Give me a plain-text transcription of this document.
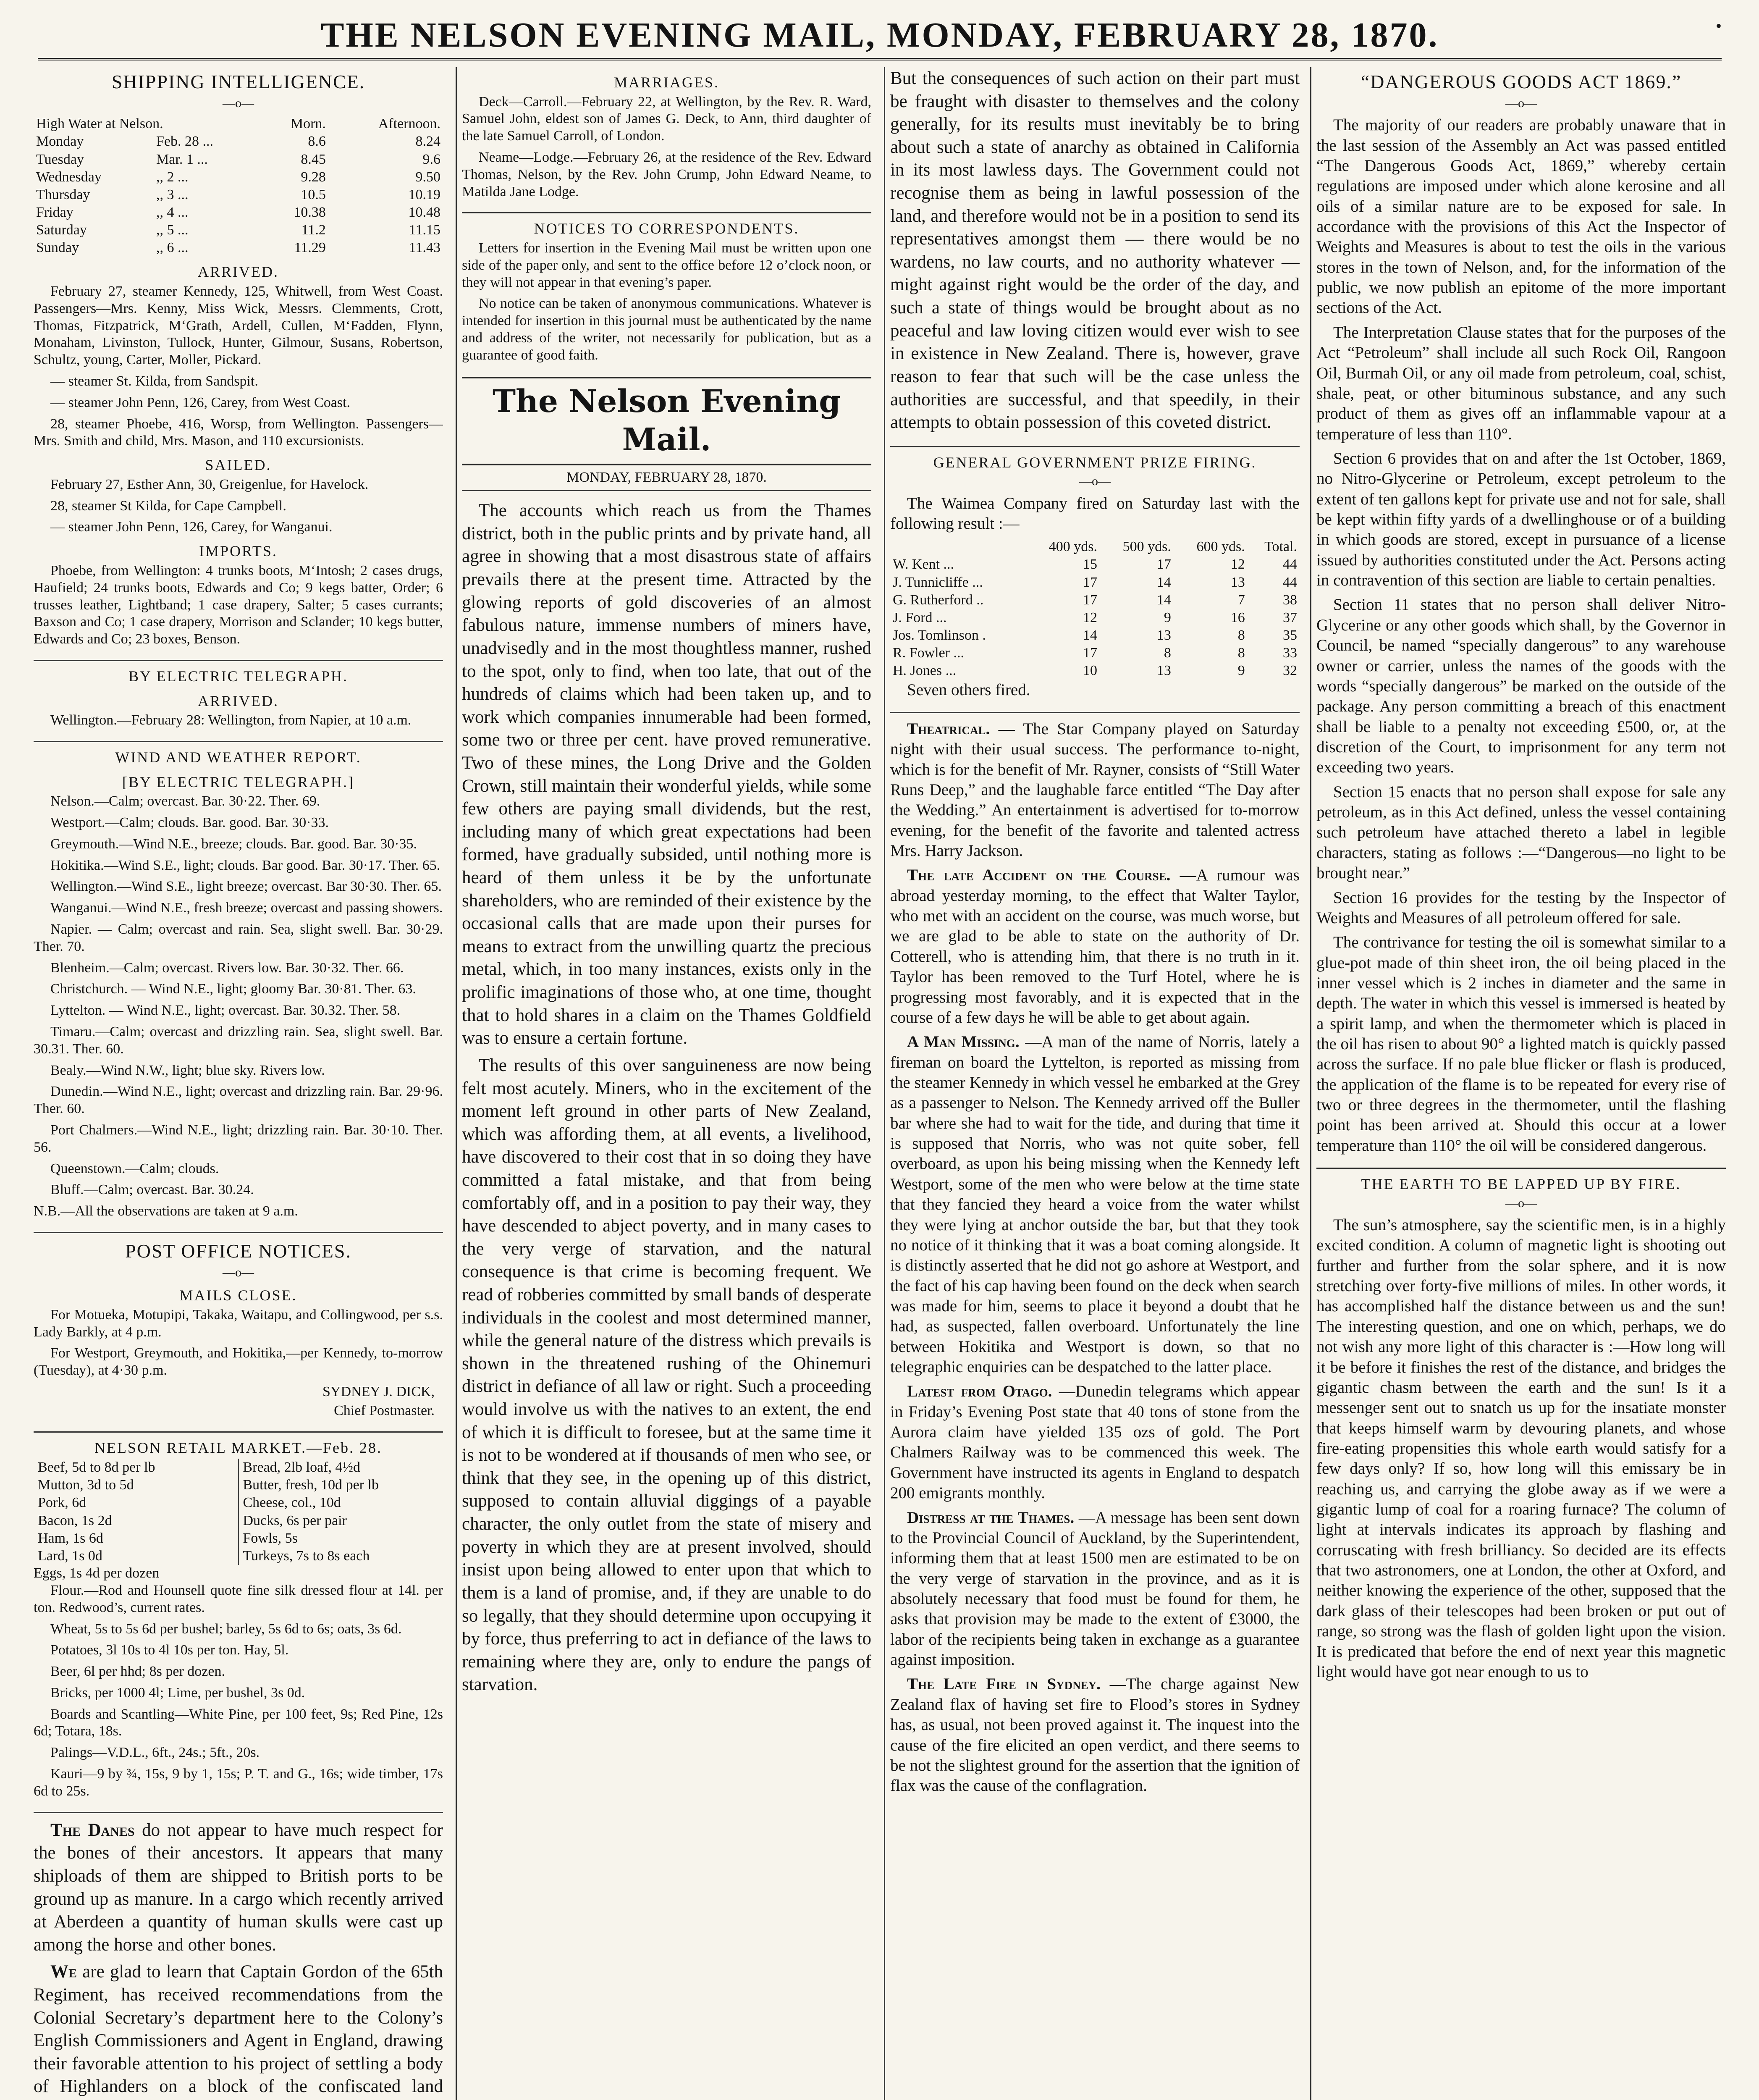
THE NELSON EVENING MAIL, MONDAY, FEBRUARY 28, 1870.	•
SHIPPING INTELLIGENCE.
—o—
High Water at Nelson.		Morn.	Afternoon.
Monday	Feb. 28 ...	8.6	8.24
Tuesday	Mar. 1 ...	8.45	9.6
Wednesday	,, 2 ...	9.28	9.50
Thursday	,, 3 ...	10.5	10.19
Friday	,, 4 ...	10.38	10.48
Saturday	,, 5 ...	11.2	11.15
Sunday	,, 6 ...	11.29	11.43
ARRIVED.

February 27, steamer Kennedy, 125, Whitwell, from West Coast. Passengers—Mrs. Kenny, Miss Wick, Messrs. Clemments, Crott, Thomas, Fitzpatrick, M‘Grath, Ardell, Cullen, M‘Fadden, Flynn, Monaham, Livinston, Tullock, Hunter, Gilmour, Susans, Robertson, Schultz, young, Carter, Moller, Pickard.

— steamer St. Kilda, from Sandspit.

— steamer John Penn, 126, Carey, from West Coast.

28, steamer Phoebe, 416, Worsp, from Wellington. Passengers—Mrs. Smith and child, Mrs. Mason, and 110 excursionists.

SAILED.

February 27, Esther Ann, 30, Greigenlue, for Havelock.

28, steamer St Kilda, for Cape Campbell.

— steamer John Penn, 126, Carey, for Wanganui.

IMPORTS.

Phoebe, from Wellington: 4 trunks boots, M‘Intosh; 2 cases drugs, Haufield; 24 trunks boots, Edwards and Co; 9 kegs batter, Order; 6 trusses leather, Lightband; 1 case drapery, Salter; 5 cases currants; Baxson and Co; 1 case drapery, Morrison and Sclander; 10 kegs butter, Edwards and Co; 23 boxes, Benson.

BY ELECTRIC TELEGRAPH.
ARRIVED.

Wellington.—February 28: Wellington, from Napier, at 10 a.m.

WIND AND WEATHER REPORT.
[BY ELECTRIC TELEGRAPH.]

Nelson.—Calm; overcast. Bar. 30·22. Ther. 69.

Westport.—Calm; clouds. Bar. good. Bar. 30·33.

Greymouth.—Wind N.E., breeze; clouds. Bar. good. Bar. 30·35.

Hokitika.—Wind S.E., light; clouds. Bar good. Bar. 30·17. Ther. 65.

Wellington.—Wind S.E., light breeze; overcast. Bar 30·30. Ther. 65.

Wanganui.—Wind N.E., fresh breeze; overcast and passing showers.

Napier. — Calm; overcast and rain. Sea, slight swell. Bar. 30·29. Ther. 70.

Blenheim.—Calm; overcast. Rivers low. Bar. 30·32. Ther. 66.

Christchurch. — Wind N.E., light; gloomy Bar. 30·81. Ther. 63.

Lyttelton. — Wind N.E., light; overcast. Bar. 30.32. Ther. 58.

Timaru.—Calm; overcast and drizzling rain. Sea, slight swell. Bar. 30.31. Ther. 60.

Bealy.—Wind N.W., light; blue sky. Rivers low.

Dunedin.—Wind N.E., light; overcast and drizzling rain. Bar. 29·96. Ther. 60.

Port Chalmers.—Wind N.E., light; drizzling rain. Bar. 30·10. Ther. 56.

Queenstown.—Calm; clouds.

Bluff.—Calm; overcast. Bar. 30.24.

N.B.—All the observations are taken at 9 a.m.

POST OFFICE NOTICES.
—o—
MAILS CLOSE.

For Motueka, Motupipi, Takaka, Waitapu, and Collingwood, per s.s. Lady Barkly, at 4 p.m.

For Westport, Greymouth, and Hokitika,—per Kennedy, to-morrow (Tuesday), at 4·30 p.m.

SYDNEY J. DICK,
Chief Postmaster.
NELSON RETAIL MARKET.—Feb. 28.
Beef, 5d to 8d per lb
Mutton, 3d to 5d
Pork, 6d
Bacon, 1s 2d
Ham, 1s 6d
Lard, 1s 0d

Bread, 2lb loaf, 4½d
Butter, fresh, 10d per lb
Cheese, col., 10d
Ducks, 6s per pair
Fowls, 5s
Turkeys, 7s to 8s each
Eggs, 1s 4d per dozen

Flour.—Rod and Hounsell quote fine silk dressed flour at 14l. per ton. Redwood’s, current rates.

Wheat, 5s to 5s 6d per bushel; barley, 5s 6d to 6s; oats, 3s 6d.

Potatoes, 3l 10s to 4l 10s per ton. Hay, 5l.

Beer, 6l per hhd; 8s per dozen.

Bricks, per 1000 4l; Lime, per bushel, 3s 0d.

Boards and Scantling—White Pine, per 100 feet, 9s; Red Pine, 12s 6d; Totara, 18s.

Palings—V.D.L., 6ft., 24s.; 5ft., 20s.

Kauri—9 by ¾, 15s, 9 by 1, 15s; P. T. and G., 16s; wide timber, 17s 6d to 25s.

The Danes do not appear to have much respect for the bones of their ancestors. It appears that many shiploads of them are shipped to British ports to be ground up as manure. In a cargo which recently arrived at Aberdeen a quantity of human skulls were cast up among the horse and other bones.

We are glad to learn that Captain Gordon of the 65th Regiment, has received recommendations from the Colonial Secretary’s department here to the Colony’s English Commissioners and Agent in England, drawing their favorable attention to his project of settling a body of Highlanders on a block of the confiscated land

MARRIAGES.

Deck—Carroll.—February 22, at Wellington, by the Rev. R. Ward, Samuel John, eldest son of James G. Deck, to Ann, third daughter of the late Samuel Carroll, of London.

Neame—Lodge.—February 26, at the residence of the Rev. Edward Thomas, Nelson, by the Rev. John Crump, John Edward Neame, to Matilda Jane Lodge.

NOTICES TO CORRESPONDENTS.

Letters for insertion in the Evening Mail must be written upon one side of the paper only, and sent to the office before 12 o’clock noon, or they will not appear in that evening’s paper.

No notice can be taken of anonymous communications. Whatever is intended for insertion in this journal must be authenticated by the name and address of the writer, not necessarily for publication, but as a guarantee of good faith.

The Nelson Evening Mail.
MONDAY, FEBRUARY 28, 1870.

The accounts which reach us from the Thames district, both in the public prints and by private hand, all agree in showing that a most disastrous state of affairs prevails there at the present time. Attracted by the glowing reports of gold discoveries of an almost fabulous nature, immense numbers of miners have, unadvisedly and in the most thoughtless manner, rushed to the spot, only to find, when too late, that out of the hundreds of claims which had been taken up, and to work which companies innumerable had been formed, some two or three per cent. have proved remunerative. Two of these mines, the Long Drive and the Golden Crown, still maintain their wonderful yields, while some few others are paying small dividends, but the rest, including many of which great expectations had been formed, have gradually subsided, until nothing more is heard of them unless it be by the unfortunate shareholders, who are reminded of their existence by the occasional calls that are made upon their purses for means to extract from the unwilling quartz the precious metal, which, in too many instances, exists only in the prolific imaginations of those who, at one time, thought that to hold shares in a claim on the Thames Goldfield was to ensure a certain fortune.

The results of this over sanguineness are now being felt most acutely. Miners, who in the excitement of the moment left ground in other parts of New Zealand, which was affording them, at all events, a livelihood, have discovered to their cost that in so doing they have committed a fatal mistake, and that from being comfortably off, and in a position to pay their way, they have descended to abject poverty, and in many cases to the very verge of starvation, and the natural consequence is that crime is becoming frequent. We read of robberies committed by small bands of desperate individuals in the coolest and most determined manner, while the general nature of the distress which prevails is shown in the threatened rushing of the Ohinemuri district in defiance of all law or right. Such a proceeding would involve us with the natives to an extent, the end of which it is difficult to foresee, but at the same time it is not to be wondered at if thousands of men who see, or think that they see, in the opening up of this district, supposed to contain alluvial diggings of a payable character, the only outlet from the state of misery and poverty in which they are at present involved, should insist upon being allowed to enter upon that which to them is a land of promise, and, if they are unable to do so legally, that they should determine upon occupying it by force, thus preferring to act in defiance of the laws to remaining where they are, only to endure the pangs of starvation.

But the consequences of such action on their part must be fraught with disaster to themselves and the colony generally, for its results must inevitably be to bring about such a state of anarchy as obtained in California in its most lawless days. The Government could not recognise them as being in lawful possession of the land, and therefore would not be in a position to send its representatives amongst them — there would be no wardens, no law courts, and no authority whatever — might against right would be the order of the day, and such a state of things would be brought about as no peaceful and law loving citizen would ever wish to see in existence in New Zealand. There is, however, grave reason to fear that such will be the case unless the authorities are successful, and that speedily, in their attempts to obtain possession of this coveted district.

GENERAL GOVERNMENT PRIZE FIRING.
—o—

The Waimea Company fired on Saturday last with the following result :—

	400 yds.	500 yds.	600 yds.	Total.
W. Kent ...	15	17	12	44
J. Tunnicliffe ...	17	14	13	44
G. Rutherford ..	17	14	7	38
J. Ford ...	12	9	16	37
Jos. Tomlinson .	14	13	8	35
R. Fowler ...	17	8	8	33
H. Jones ...	10	13	9	32

Seven others fired.

Theatrical. — The Star Company played on Saturday night with their usual success. The performance to-night, which is for the benefit of Mr. Rayner, consists of “Still Water Runs Deep,” and the laughable farce entitled “The Day after the Wedding.” An entertainment is advertised for to-morrow evening, for the benefit of the favorite and talented actress Mrs. Harry Jackson.

The late Accident on the Course. —A rumour was abroad yesterday morning, to the effect that Walter Taylor, who met with an accident on the course, was much worse, but we are glad to be able to state on the authority of Dr. Cotterell, who is attending him, that there is no truth in it. Taylor has been removed to the Turf Hotel, where he is progressing most favorably, and it is expected that in the course of a few days he will be able to get about again.

A Man Missing. —A man of the name of Norris, lately a fireman on board the Lyttelton, is reported as missing from the steamer Kennedy in which vessel he embarked at the Grey as a passenger to Nelson. The Kennedy arrived off the Buller bar where she had to wait for the tide, and during that time it is supposed that Norris, who was not quite sober, fell overboard, as upon his being missing when the Kennedy left Westport, some of the men who were below at the time state that they fancied they heard a voice from the water whilst they were lying at anchor outside the bar, but that they took no notice of it thinking that it was a boat coming alongside. It is distinctly asserted that he did not go ashore at Westport, and the fact of his cap having been found on the deck when search was made for him, seems to place it beyond a doubt that he had, as suspected, fallen overboard. Unfortunately the line between Hokitika and Westport is down, so that no telegraphic enquiries can be despatched to the latter place.

Latest from Otago. —Dunedin telegrams which appear in Friday’s Evening Post state that 40 tons of stone from the Aurora claim have yielded 135 ozs of gold. The Port Chalmers Railway was to be commenced this week. The Government have instructed its agents in England to despatch 200 emigrants monthly.

Distress at the Thames. —A message has been sent down to the Provincial Council of Auckland, by the Superintendent, informing them that at least 1500 men are estimated to be on the very verge of starvation in the province, and as it is absolutely necessary that food must be found for them, he asks that provision may be made to the extent of £3000, the labor of the recipients being taken in exchange as a guarantee against imposition.

The Late Fire in Sydney. —The charge against New Zealand flax of having set fire to Flood’s stores in Sydney has, as usual, not been proved against it. The inquest into the cause of the fire elicited an open verdict, and there seems to be not the slightest ground for the assertion that the ignition of flax was the cause of the conflagration.

“DANGEROUS GOODS ACT 1869.”
—o—

The majority of our readers are probably unaware that in the last session of the Assembly an Act was passed entitled “The Dangerous Goods Act, 1869,” whereby certain regulations are imposed under which alone kerosine and all oils of a similar nature are to be exposed for sale. In accordance with the provisions of this Act the Inspector of Weights and Measures is about to test the oils in the various stores in the town of Nelson, and, for the information of the public, we now publish an epitome of the more important sections of the Act.

The Interpretation Clause states that for the purposes of the Act “Petroleum” shall include all such Rock Oil, Rangoon Oil, Burmah Oil, or any oil made from petroleum, coal, schist, shale, peat, or other bituminous substance, and any such product of them as gives off an inflammable vapour at a temperature of less than 110°.

Section 6 provides that on and after the 1st October, 1869, no Nitro-Glycerine or Petroleum, except petroleum to the extent of ten gallons kept for private use and not for sale, shall be kept within fifty yards of a dwellinghouse or of a building in which goods are stored, except in pursuance of a license issued by authorities constituted under the Act. Persons acting in contravention of this section are liable to certain penalties.

Section 11 states that no person shall deliver Nitro-Glycerine or any other goods which shall, by the Governor in Council, be named “specially dangerous” to any warehouse owner or carrier, unless the names of the goods with the words “specially dangerous” be marked on the outside of the package. Any person committing a breach of this enactment shall be liable to a penalty not exceeding £500, or, at the discretion of the Court, to imprisonment for any term not exceeding two years.

Section 15 enacts that no person shall expose for sale any petroleum, as in this Act defined, unless the vessel containing such petroleum have attached thereto a label in legible characters, stating as follows :—“Dangerous—no light to be brought near.”

Section 16 provides for the testing by the Inspector of Weights and Measures of all petroleum offered for sale.

The contrivance for testing the oil is somewhat similar to a glue-pot made of thin sheet iron, the oil being placed in the inner vessel which is 2 inches in diameter and the same in depth. The water in which this vessel is immersed is heated by a spirit lamp, and when the thermometer which is placed in the oil has risen to about 90° a lighted match is quickly passed across the surface. If no pale blue flicker or flash is produced, the application of the flame is to be repeated for every rise of two or three degrees in the thermometer, until the flashing point has been arrived at. Should this occur at a lower temperature than 110° the oil will be considered dangerous.

THE EARTH TO BE LAPPED UP BY FIRE.
—o—

The sun’s atmosphere, say the scientific men, is in a highly excited condition. A column of magnetic light is shooting out further and further from the solar sphere, and it is now stretching over forty-five millions of miles. In other words, it has accomplished half the distance between us and the sun! The interesting question, and one on which, perhaps, we do not wish any more light of this character is :—How long will it be before it finishes the rest of the distance, and bridges the gigantic chasm between the earth and the sun! Is it a messenger sent out to snatch us up for the insatiate monster that keeps himself warm by devouring planets, and whose fire-eating propensities this whole earth would satisfy for a few days only? If so, how long will this emissary be in reaching us, and carrying the globe away as if we were a gigantic lump of coal for a roaring furnace? The column of light at intervals indicates its approach by flashing and corruscating with fresh brilliancy. So decided are its effects that two astronomers, one at London, the other at Oxford, and neither knowing the experience of the other, supposed that the dark glass of their telescopes had been broken or put out of range, so strong was the flash of golden light upon the vision. It is predicated that before the end of next year this magnetic light would have got near enough to us to
